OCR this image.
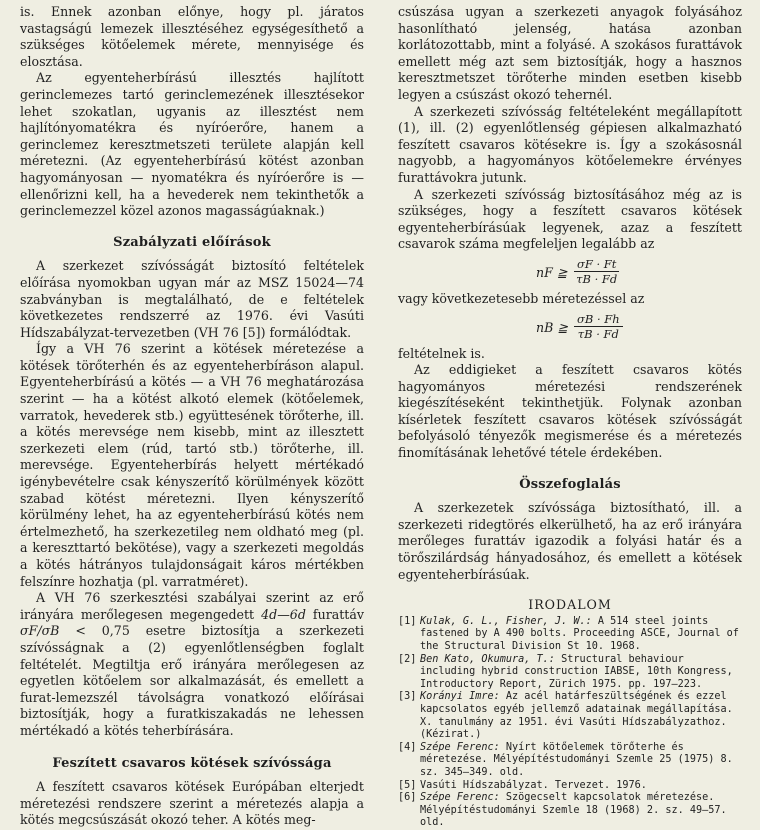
is. Ennek azonban előnye, hogy pl. járatos vastagságú lemezek illesztéséhez egységesíthető a szükséges kötőelemek mérete, mennyisége és elosztása.

Az egyenteherbírású illesztés hajlított gerinclemezes tartó gerinclemezének illesztésekor lehet szokatlan, ugyanis az illesztést nem hajlítónyomatékra és nyíróerőre, hanem a gerinclemez keresztmetszeti területe alapján kell méretezni. (Az egyenteherbírású kötést azonban hagyományosan — nyomatékra és nyíróerőre is — ellenőrizni kell, ha a hevederek nem tekinthetők a gerinclemezzel közel azonos magasságúaknak.)

Szabályzati előírások

A szerkezet szívósságát biztosító feltételek előírása nyomokban ugyan már az MSZ 15024—74 szabványban is megtalálható, de e feltételek következetes rendszerré az 1976. évi Vasúti Hídszabályzat-tervezetben (VH 76 [5]) formálódtak.

Így a VH 76 szerint a kötések méretezése a kötések törőterhén és az egyenteherbíráson alapul. Egyenteherbírású a kötés — a VH 76 meghatározása szerint — ha a kötést alkotó elemek (kötőelemek, varratok, hevederek stb.) együttesének törőterhe, ill. a kötés merevsége nem kisebb, mint az illesztett szerkezeti elem (rúd, tartó stb.) törőterhe, ill. merevsége. Egyenteherbírás helyett mértékadó igénybevételre csak kényszerítő körülmények között szabad kötést méretezni. Ilyen kényszerítő körülmény lehet, ha az egyenteherbírású kötés nem értelmezhető, ha szerkezetileg nem oldható meg (pl. a kereszttartó bekötése), vagy a szerkezeti megoldás a kötés hátrányos tulajdonságait káros mértékben felszínre hozhatja (pl. varratméret).

A VH 76 szerkesztési szabályai szerint az erő irányára merőlegesen megengedett 4d—6d furattáv σF/σB < 0,75 esetre biztosítja a szerkezeti szívósságnak a (2) egyenlőtlenségben foglalt feltételét. Megtiltja erő irányára merőlegesen az egyetlen kötőelem sor alkalmazását, és emellett a furat-lemezszél távolságra vonatkozó előírásai biztosítják, hogy a furatkiszakadás ne lehessen mértékadó a kötés teherbírására.

Feszített csavaros kötések szívóssága

A feszített csavaros kötések Európában elterjedt méretezési rendszere szerint a méretezés alapja a kötés megcsúszását okozó teher. A kötés meg-

csúszása ugyan a szerkezeti anyagok folyásához hasonlítható jelenség, hatása azonban korlátozottabb, mint a folyásé. A szokásos furattávok emellett még azt sem biztosítják, hogy a hasznos keresztmetszet törőterhe minden esetben kisebb legyen a csúszást okozó tehernél.

A szerkezeti szívósság feltételeként megállapított (1), ill. (2) egyenlőtlenség gépiesen alkalmazható feszített csavaros kötésekre is. Így a szokásosnál nagyobb, a hagyományos kötőelemekre érvényes furattávokra jutunk.

A szerkezeti szívósság biztosításához még az is szükséges, hogy a feszített csavaros kötések egyenteherbírásúak legyenek, azaz a feszített csavarok száma megfeleljen legalább az

nF ≧ $\frac{\sigma F \cdot Ft}{\tau B \cdot Fd}$

vagy következetesebb méretezéssel az

nB ≧ $\frac{\sigma B \cdot Fh}{\tau B \cdot Fd}$

feltételnek is.

Az eddigieket a feszített csavaros kötés hagyományos méretezési rendszerének kiegészítéseként tekinthetjük. Folynak azonban kísérletek feszített csavaros kötések szívósságát befolyásoló tényezők megismerése és a méretezés finomításának lehetővé tétele érdekében.

Összefoglalás

A szerkezetek szívóssága biztosítható, ill. a szerkezeti ridegtörés elkerülhető, ha az erő irányára merőleges furattáv igazodik a folyási határ és a törőszilárdság hányadosához, és emellett a kötések egyenteherbírásúak.

IRODALOM
[1] Kulak, G. L., Fisher, J. W.: A 514 steel joints fastened by A 490 bolts. Proceeding ASCE, Journal of the Structural Division St 10. 1968.
[2] Ben Kato, Okumura, T.: Structural behaviour including hybrid construction IABSE, 10th Kongress, Introductory Report, Zürich 1975. pp. 197—223.
[3] Korányi Imre: Az acél határfeszültségének és ezzel kapcsolatos egyéb jellemző adatainak megállapítása. X. tanulmány az 1951. évi Vasúti Hídszabályzathoz. (Kézirat.)
[4] Szépe Ferenc: Nyírt kötőelemek törőterhe és méretezése. Mélyépítéstudományi Szemle 25 (1975) 8. sz. 345—349. old.
[5] Vasúti Hídszabályzat. Tervezet. 1976.
[6] Szépe Ferenc: Szögecselt kapcsolatok méretezése. Mélyépítéstudományi Szemle 18 (1968) 2. sz. 49—57. old.
